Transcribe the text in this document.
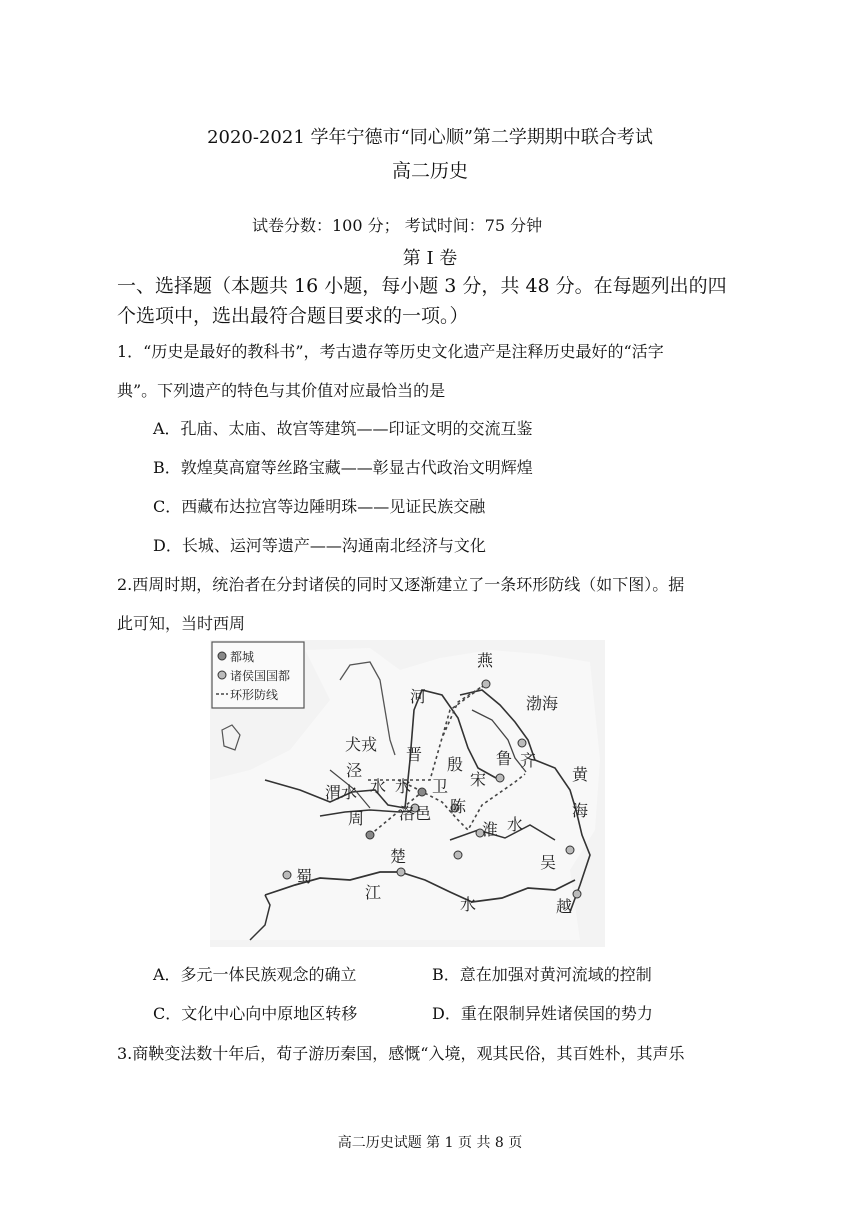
2020-2021 学年宁德市“同心顺”第二学期期中联合考试
高二历史
试卷分数：100 分； 考试时间：75 分钟
第 I 卷
一、选择题（本题共 16 小题，每小题 3 分，共 48 分。在每题列出的四
个选项中，选出最符合题目要求的一项。）
1．“历史是最好的教科书”，考古遗存等历史文化遗产是注释历史最好的“活字
典”。下列遗产的特色与其价值对应最恰当的是
A．孔庙、太庙、故宫等建筑——印证文明的交流互鉴
B．敦煌莫高窟等丝路宝藏——彰显古代政治文明辉煌
C．西藏布达拉宫等边陲明珠——见证民族交融
D．长城、运河等遗产——沟通南北经济与文化
2.西周时期，统治者在分封诸侯的同时又逐渐建立了一条环形防线（如下图）。据
此可知，当时西周
都城
诸侯国国都
环形防线
燕
河	渤海
犬戎
晋
殷 鲁 齐
黄
泾
水 水 卫 宋
海
渭水
周 洛邑 陈
淮 水
楚	吴
蜀
江
水	越
A．多元一体民族观念的确立	B．意在加强对黄河流域的控制
C．文化中心向中原地区转移	D．重在限制异姓诸侯国的势力
3.商鞅变法数十年后，荀子游历秦国，感慨“入境，观其民俗，其百姓朴，其声乐
高二历史试题 第 1 页 共 8 页
